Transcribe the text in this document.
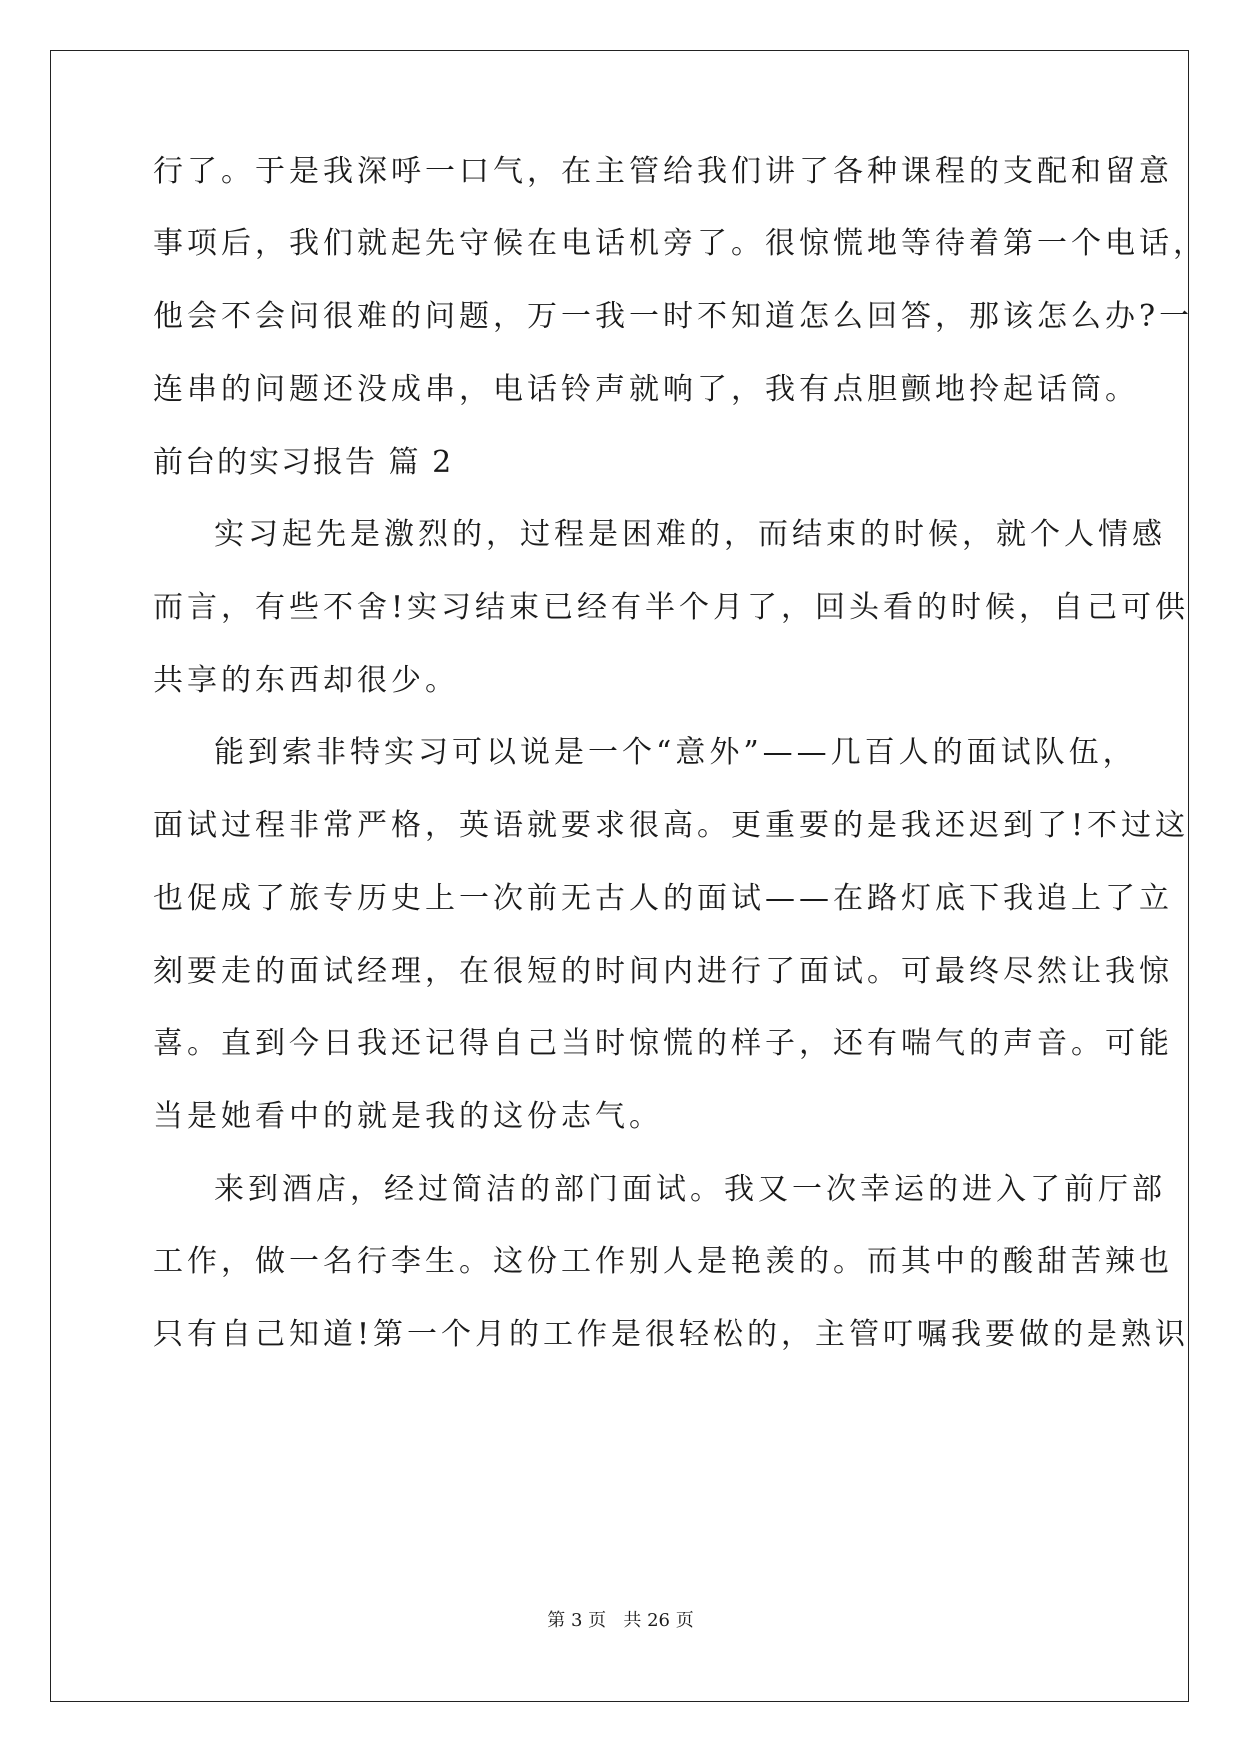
行了。于是我深呼一口气，在主管给我们讲了各种课程的支配和留意
事项后，我们就起先守候在电话机旁了。很惊慌地等待着第一个电话，
他会不会问很难的问题，万一我一时不知道怎么回答，那该怎么办?一
连串的问题还没成串，电话铃声就响了，我有点胆颤地拎起话筒。
前台的实习报告 篇 2
实习起先是激烈的，过程是困难的，而结束的时候，就个人情感
而言，有些不舍!实习结束已经有半个月了，回头看的时候，自己可供
共享的东西却很少。
能到索非特实习可以说是一个“意外”——几百人的面试队伍，
面试过程非常严格，英语就要求很高。更重要的是我还迟到了!不过这
也促成了旅专历史上一次前无古人的面试——在路灯底下我追上了立
刻要走的面试经理，在很短的时间内进行了面试。可最终尽然让我惊
喜。直到今日我还记得自己当时惊慌的样子，还有喘气的声音。可能
当是她看中的就是我的这份志气。
来到酒店，经过简洁的部门面试。我又一次幸运的进入了前厅部
工作，做一名行李生。这份工作别人是艳羡的。而其中的酸甜苦辣也
只有自己知道!第一个月的工作是很轻松的，主管叮嘱我要做的是熟识
第 3 页   共 26 页
